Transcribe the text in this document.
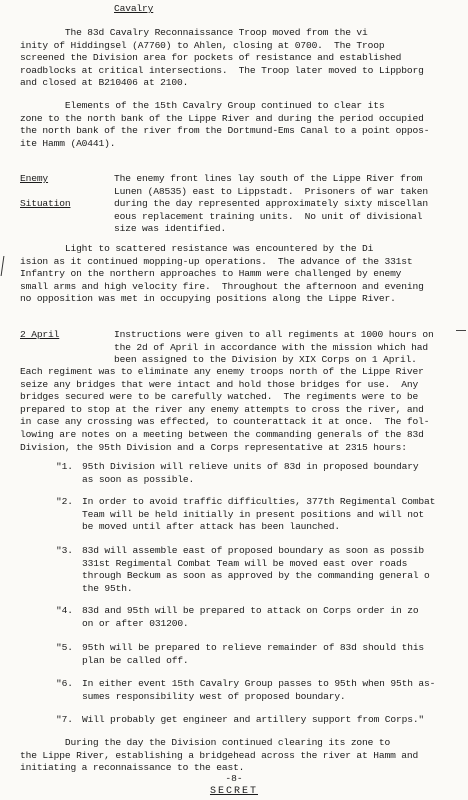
Cavalry
The 83d Cavalry Reconnaissance Troop moved from the vi
inity of Hiddingsel (A7760) to Ahlen, closing at 0700.  The Troop
screened the Division area for pockets of resistance and established
roadblocks at critical intersections.  The Troop later moved to Lippborg
and closed at B210406 at 2100.
Elements of the 15th Cavalry Group continued to clear its
zone to the north bank of the Lippe River and during the period occupied
the north bank of the river from the Dortmund-Ems Canal to a point oppos-
ite Hamm (A0441).
Enemy
Situation
The enemy front lines lay south of the Lippe River from
Lunen (A8535) east to Lippstadt.  Prisoners of war taken
during the day represented approximately sixty miscellan
eous replacement training units.  No unit of divisional
size was identified.
Light to scattered resistance was encountered by the Di
ision as it continued mopping-up operations.  The advance of the 331st
Infantry on the northern approaches to Hamm were challenged by enemy
small arms and high velocity fire.  Throughout the afternoon and evening
no opposition was met in occupying positions along the Lippe River.
2 April	Instructions were given to all regiments at 1000 hours on
the 2d of April in accordance with the mission which had
been assigned to the Division by XIX Corps on 1 April.
Each regiment was to eliminate any enemy troops north of the Lippe River
seize any bridges that were intact and hold those bridges for use.  Any
bridges secured were to be carefully watched.  The regiments were to be
prepared to stop at the river any enemy attempts to cross the river, and
in case any crossing was effected, to counterattack it at once.  The fol-
lowing are notes on a meeting between the commanding generals of the 83d
Division, the 95th Division and a Corps representative at 2315 hours:
"1. 95th Division will relieve units of 83d in proposed boundary
as soon as possible.
"2. In order to avoid traffic difficulties, 377th Regimental Combat
Team will be held initially in present positions and will not
be moved until after attack has been launched.
"3. 83d will assemble east of proposed boundary as soon as possib
331st Regimental Combat Team will be moved east over roads
through Beckum as soon as approved by the commanding general o
the 95th.
"4. 83d and 95th will be prepared to attack on Corps order in zo
on or after 031200.
"5. 95th will be prepared to relieve remainder of 83d should this
plan be called off.
"6. In either event 15th Cavalry Group passes to 95th when 95th as-
sumes responsibility west of proposed boundary.
"7. Will probably get engineer and artillery support from Corps."
During the day the Division continued clearing its zone to
the Lippe River, establishing a bridgehead across the river at Hamm and
initiating a reconnaissance to the east.
-8-
SECRET
